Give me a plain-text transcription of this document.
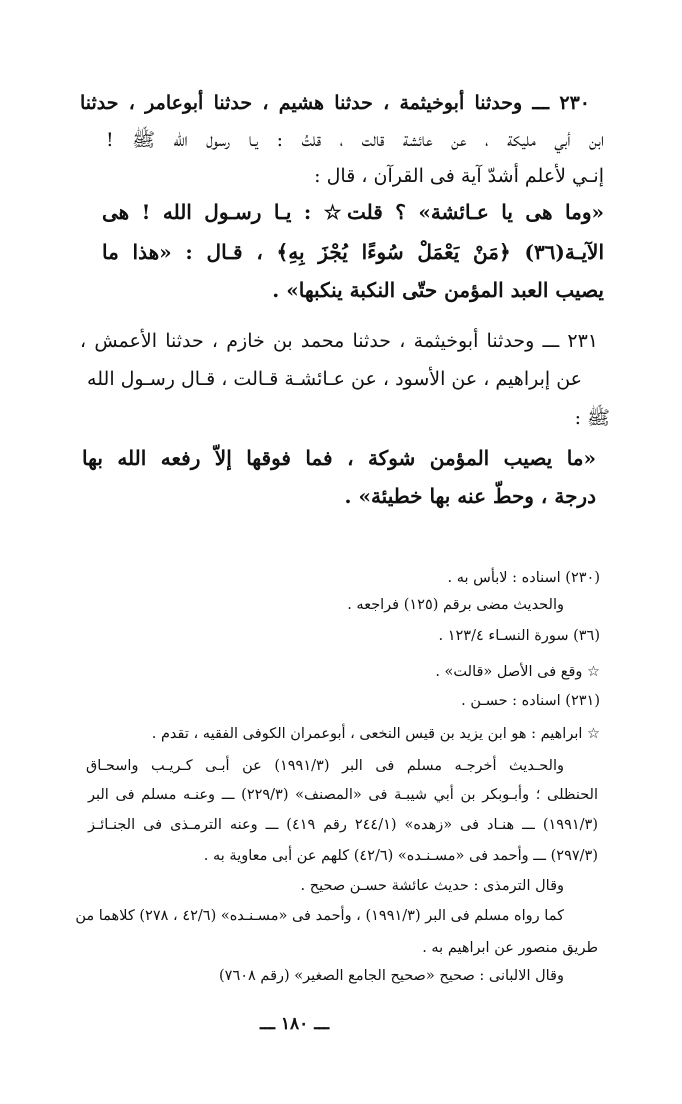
٢٣٠ ـــ وحدثنا أبوخيثمة ، حدثنا هشيم ، حدثنا أبوعامر ، حدثنا
ابن أبي مليكة ، عن عائشة قالت ، قلتُ : يـا رسول الله ﷺ !
إنـي لأعلم أشدّ آية فى القرآن ، قال :
«وما هى يا عـائشة» ؟ قلت☆ : يـا رسـول الله ! هى
الآيـة(٣٦) ﴿مَنْ يَعْمَلْ سُوءًا يُجْزَ بِهِ﴾ ، قـال : «هذا ما
يصيب العبد المؤمن حتّى النكبة ينكبها» .
٢٣١ ـــ وحدثنا أبوخيثمة ، حدثنا محمد بن خازم ، حدثنا الأعمش ،
عن إبراهيم ، عن الأسود ، عن عـائشـة قـالت ، قـال رسـول الله
ﷺ :
«ما يصيب المؤمن شوكة ، فما فوقها إلاّ رفعه الله بها
درجة ، وحطّ عنه بها خطيئة» .
(٢٣٠) اسناده : لابأس به .
والحديث مضى برقم (١٢٥) فراجعه .
(٣٦) سورة النسـاء ١٢٣/٤ .
☆ وقع فى الأصل «قالت» .
(٢٣١) اسناده : حسـن .
☆ ابراهيم : هو ابن يزيد بن قيس النخعى ، أبوعمران الكوفى الفقيه ، تقدم .
والحـديث أخرجـه مسلم فى البر (١٩٩١/٣) عن أبـى كـريـب واسحـاق
الحنظلى ؛ وأبـوبكر بن أبي شيبـة فى «المصنف» (٢٢٩/٣) ـــ وعنـه مسلم فى البر
(١٩٩١/٣) ـــ هنـاد فى «زهده» (٢٤٤/١ رقم ٤١٩) ـــ وعنه الترمـذى فى الجنـائـز
(٢٩٧/٣) ـــ وأحمد فى «مسـنـده» (٤٢/٦) كلهم عن أبى معاوية به .
وقال الترمذى : حديث عائشة حسـن صحيح .
كما رواه مسلم فى البر (١٩٩١/٣) ، وأحمد فى «مسـنـده» (٤٢/٦ ، ٢٧٨) كلاهما من
طريق منصور عن ابراهيم به .
وقال الالبانى : صحيح «صحيح الجامع الصغير» (رقم ٧٦٠٨)
ـــ ١٨٠ ـــ
